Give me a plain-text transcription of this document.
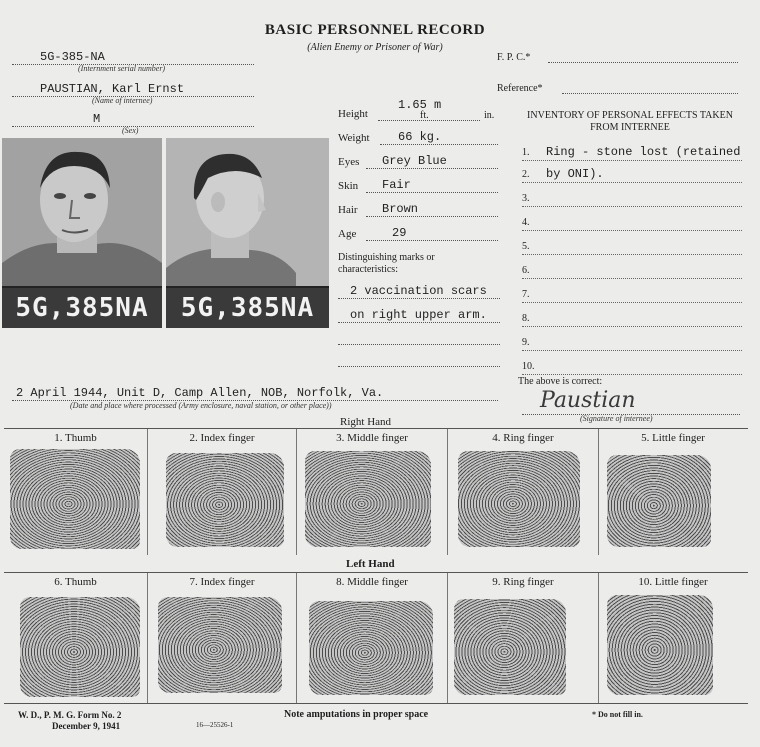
BASIC PERSONNEL RECORD
(Alien Enemy or Prisoner of War)
F. P. C.*
Reference*
5G-385-NA
(Internment serial number)
PAUSTIAN, Karl Ernst
(Name of internee)
M
(Sex)
5G,385NA	5G,385NA
Height
1.65 m
ft.	in.
Weight 66 kg.
Eyes Grey Blue
Skin Fair
Hair Brown
Age	29
Distinguishing marks or
characteristics:
2 vaccination scars
on right upper arm.
INVENTORY OF PERSONAL EFFECTS TAKEN
FROM INTERNEE
1. Ring - stone lost (retained
2. by ONI).
3.
4.
5.
6.
7.
8.
9.
10.
The above is correct:
Paustian
(Signature of internee)
2 April 1944, Unit D, Camp Allen, NOB, Norfolk, Va.
(Date and place where processed (Army enclosure, naval station, or other place))
Right Hand
1. Thumb	2. Index finger	3. Middle finger	4. Ring finger	5. Little finger
Left Hand
6. Thumb	7. Index finger	8. Middle finger	9. Ring finger	10. Little finger
W. D., P. M. G. Form No. 2
December 9, 1941	16—25526-1
Note amputations in proper space	* Do not fill in.
